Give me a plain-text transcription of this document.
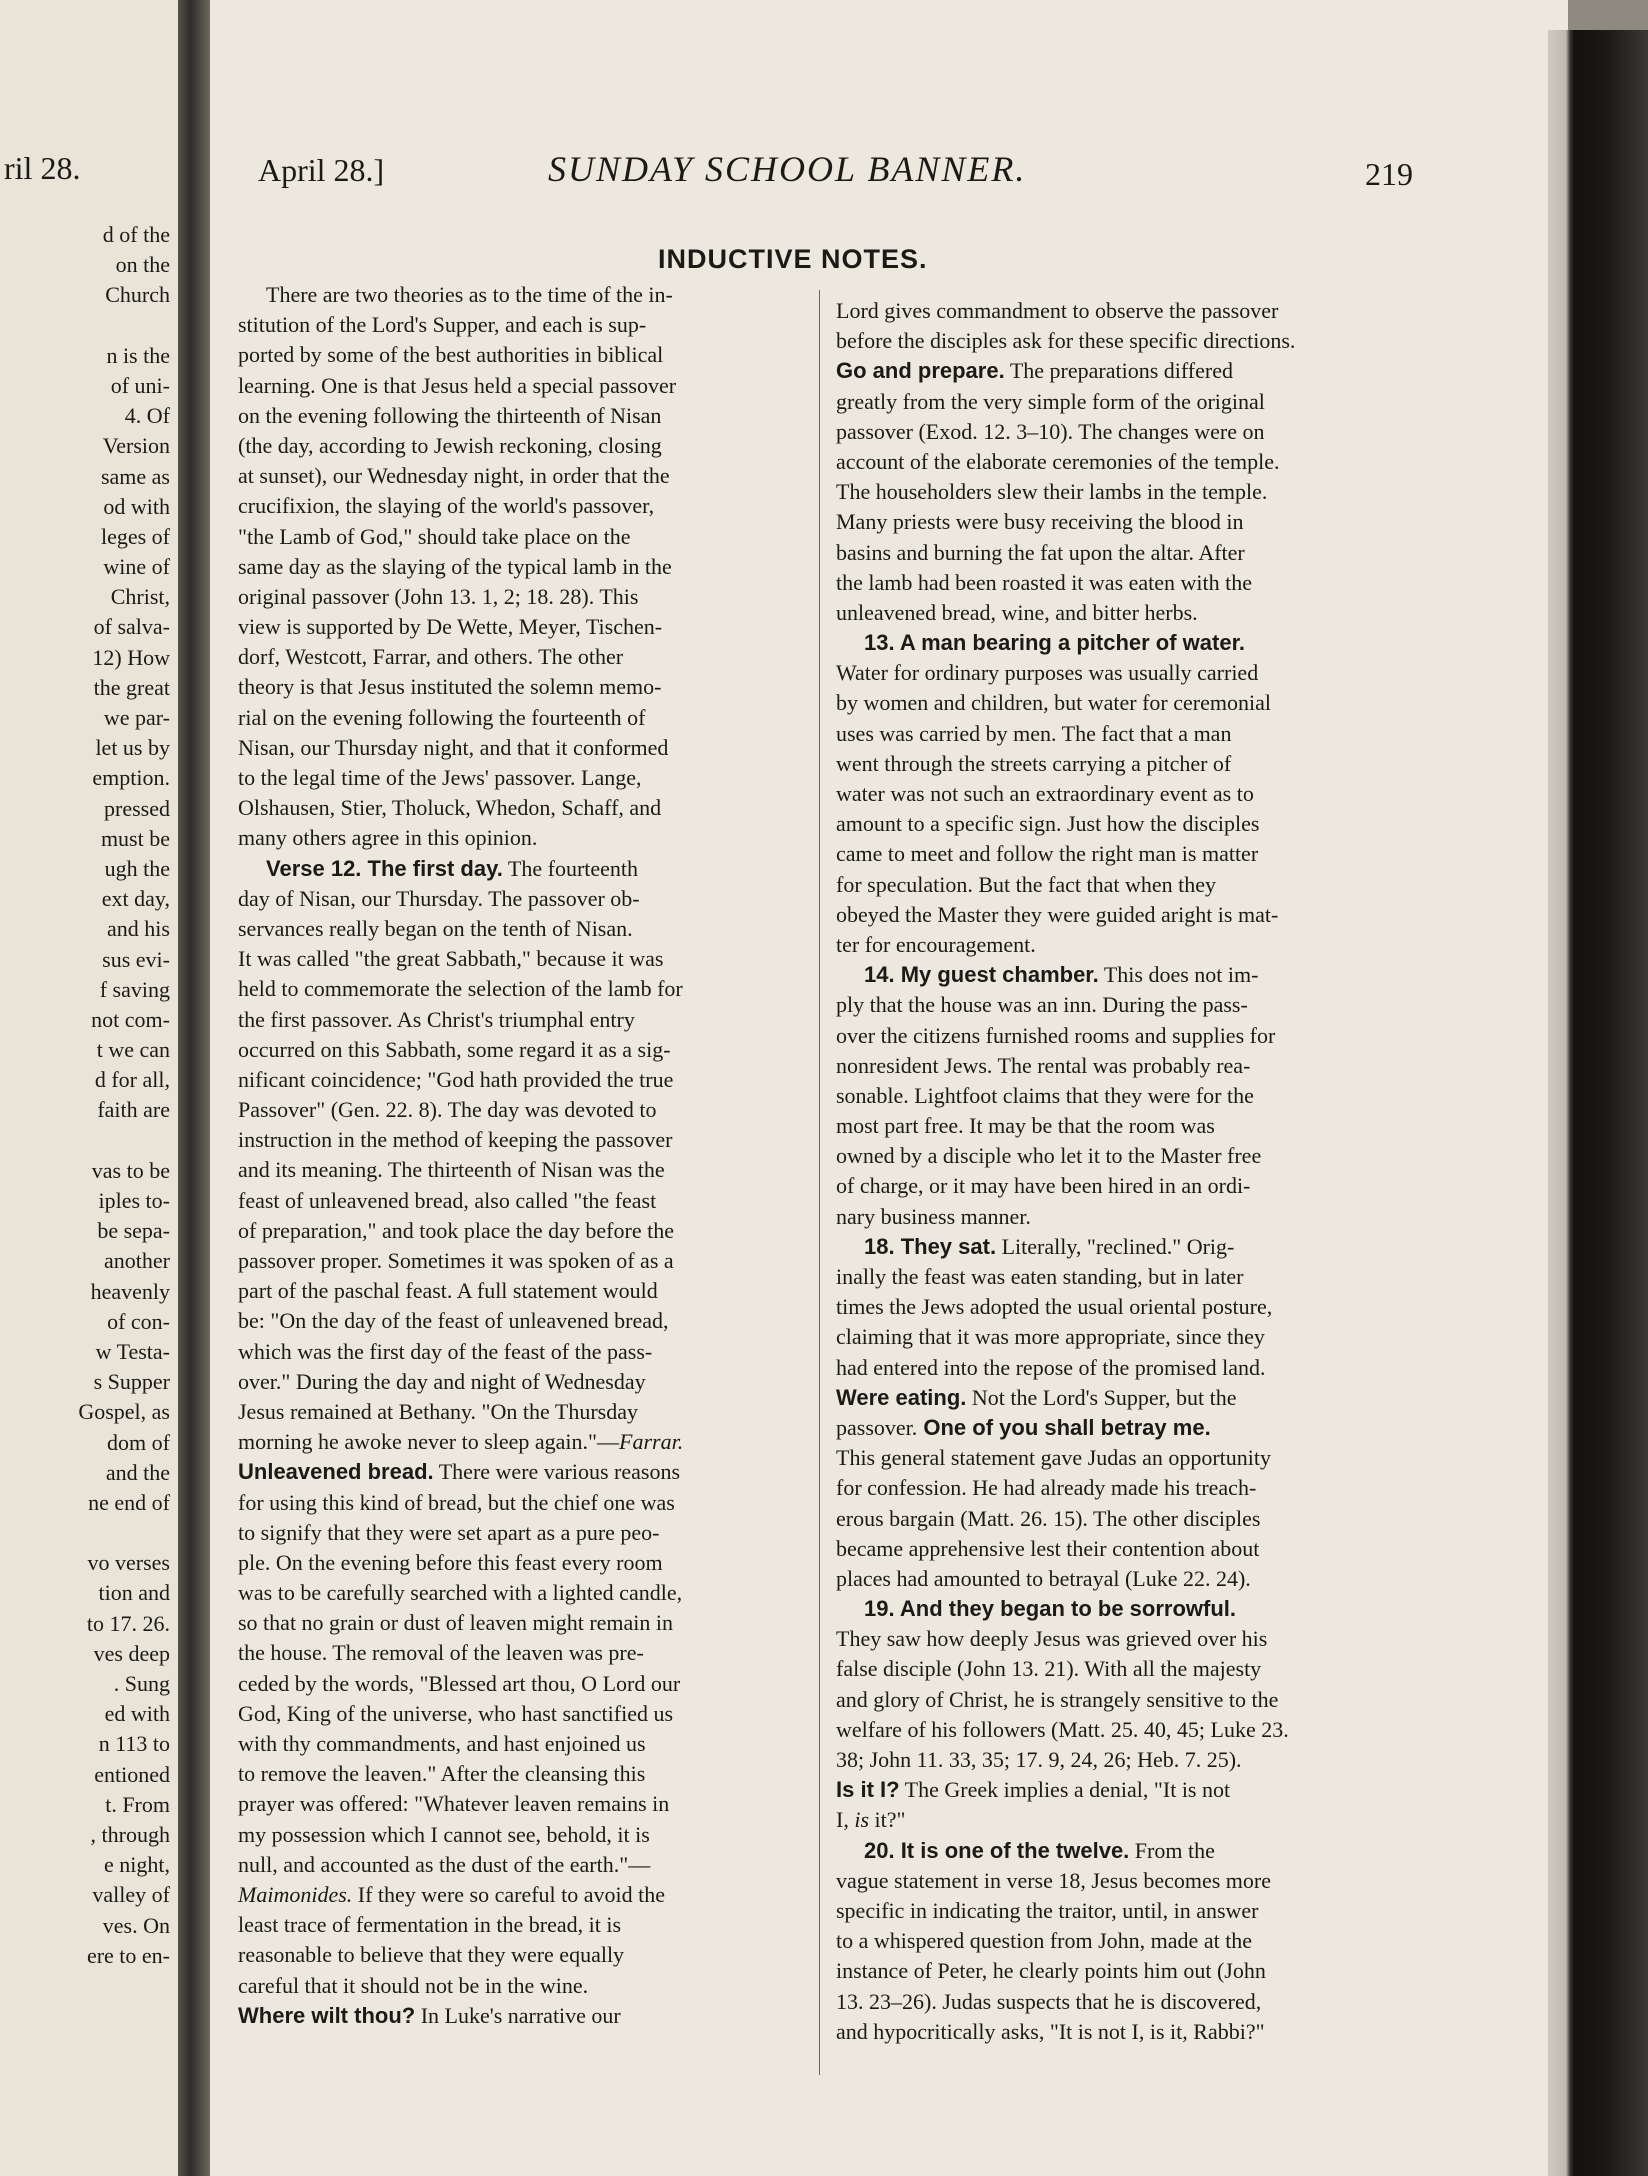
ril 28.
d of the
on the
Church
n is the
of uni-
4. Of
Version
same as
od with
leges of
wine of
Christ,
of salva-
12) How
the great
we par-
let us by
emption.
pressed
must be
ugh the
ext day,
and his
sus evi-
f saving
not com-
t we can
d for all,
faith are
vas to be
iples to-
be sepa-
another
heavenly
of con-
w Testa-
s Supper
Gospel, as
dom of
and the
ne end of
vo verses
tion and
to 17. 26.
ves deep
. Sung
ed with
n 113 to
entioned
t. From
, through
e night,
valley of
ves. On
ere to en-
April 28.]	SUNDAY SCHOOL BANNER.	219
INDUCTIVE NOTES.
There are two theories as to the time of the in-
stitution of the Lord's Supper, and each is sup-
ported by some of the best authorities in biblical
learning. One is that Jesus held a special passover
on the evening following the thirteenth of Nisan
(the day, according to Jewish reckoning, closing
at sunset), our Wednesday night, in order that the
crucifixion, the slaying of the world's passover,
"the Lamb of God," should take place on the
same day as the slaying of the typical lamb in the
original passover (John 13. 1, 2; 18. 28). This
view is supported by De Wette, Meyer, Tischen-
dorf, Westcott, Farrar, and others. The other
theory is that Jesus instituted the solemn memo-
rial on the evening following the fourteenth of
Nisan, our Thursday night, and that it conformed
to the legal time of the Jews' passover. Lange,
Olshausen, Stier, Tholuck, Whedon, Schaff, and
many others agree in this opinion.
Verse 12. The first day. The fourteenth
day of Nisan, our Thursday. The passover ob-
servances really began on the tenth of Nisan.
It was called "the great Sabbath," because it was
held to commemorate the selection of the lamb for
the first passover. As Christ's triumphal entry
occurred on this Sabbath, some regard it as a sig-
nificant coincidence; "God hath provided the true
Passover" (Gen. 22. 8). The day was devoted to
instruction in the method of keeping the passover
and its meaning. The thirteenth of Nisan was the
feast of unleavened bread, also called "the feast
of preparation," and took place the day before the
passover proper. Sometimes it was spoken of as a
part of the paschal feast. A full statement would
be: "On the day of the feast of unleavened bread,
which was the first day of the feast of the pass-
over." During the day and night of Wednesday
Jesus remained at Bethany. "On the Thursday
morning he awoke never to sleep again."—Farrar.
Unleavened bread. There were various reasons
for using this kind of bread, but the chief one was
to signify that they were set apart as a pure peo-
ple. On the evening before this feast every room
was to be carefully searched with a lighted candle,
so that no grain or dust of leaven might remain in
the house. The removal of the leaven was pre-
ceded by the words, "Blessed art thou, O Lord our
God, King of the universe, who hast sanctified us
with thy commandments, and hast enjoined us
to remove the leaven." After the cleansing this
prayer was offered: "Whatever leaven remains in
my possession which I cannot see, behold, it is
null, and accounted as the dust of the earth."—
Maimonides. If they were so careful to avoid the
least trace of fermentation in the bread, it is
reasonable to believe that they were equally
careful that it should not be in the wine.
Where wilt thou? In Luke's narrative our
Lord gives commandment to observe the passover
before the disciples ask for these specific directions.
Go and prepare. The preparations differed
greatly from the very simple form of the original
passover (Exod. 12. 3–10). The changes were on
account of the elaborate ceremonies of the temple.
The householders slew their lambs in the temple.
Many priests were busy receiving the blood in
basins and burning the fat upon the altar. After
the lamb had been roasted it was eaten with the
unleavened bread, wine, and bitter herbs.
13. A man bearing a pitcher of water.
Water for ordinary purposes was usually carried
by women and children, but water for ceremonial
uses was carried by men. The fact that a man
went through the streets carrying a pitcher of
water was not such an extraordinary event as to
amount to a specific sign. Just how the disciples
came to meet and follow the right man is matter
for speculation. But the fact that when they
obeyed the Master they were guided aright is mat-
ter for encouragement.
14. My guest chamber. This does not im-
ply that the house was an inn. During the pass-
over the citizens furnished rooms and supplies for
nonresident Jews. The rental was probably rea-
sonable. Lightfoot claims that they were for the
most part free. It may be that the room was
owned by a disciple who let it to the Master free
of charge, or it may have been hired in an ordi-
nary business manner.
18. They sat. Literally, "reclined." Orig-
inally the feast was eaten standing, but in later
times the Jews adopted the usual oriental posture,
claiming that it was more appropriate, since they
had entered into the repose of the promised land.
Were eating. Not the Lord's Supper, but the
passover. One of you shall betray me.
This general statement gave Judas an opportunity
for confession. He had already made his treach-
erous bargain (Matt. 26. 15). The other disciples
became apprehensive lest their contention about
places had amounted to betrayal (Luke 22. 24).
19. And they began to be sorrowful.
They saw how deeply Jesus was grieved over his
false disciple (John 13. 21). With all the majesty
and glory of Christ, he is strangely sensitive to the
welfare of his followers (Matt. 25. 40, 45; Luke 23.
38; John 11. 33, 35; 17. 9, 24, 26; Heb. 7. 25).
Is it I? The Greek implies a denial, "It is not
I, is it?"
20. It is one of the twelve. From the
vague statement in verse 18, Jesus becomes more
specific in indicating the traitor, until, in answer
to a whispered question from John, made at the
instance of Peter, he clearly points him out (John
13. 23–26). Judas suspects that he is discovered,
and hypocritically asks, "It is not I, is it, Rabbi?"
